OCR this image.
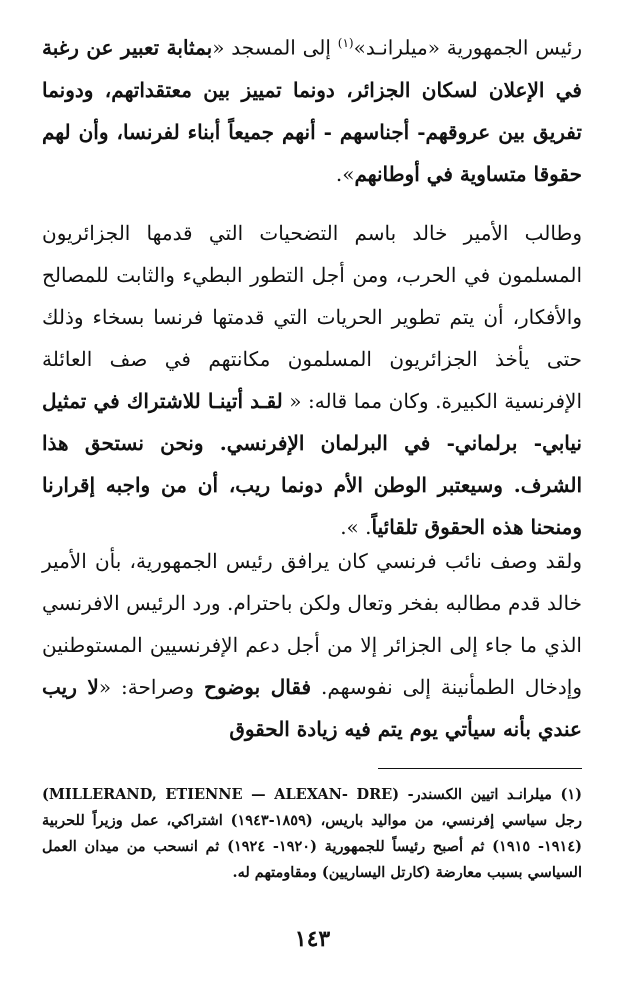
رئيس الجمهورية «ميلرانـد»$^{(١)}$ إلى المسجد «بمثابة تعبير عن رغبة في الإعلان لسكان الجزائر، دونما تمييز بين معتقداتهم، ودونما تفريق بين عروقهم- أجناسهم - أنهم جميعاً أبناء لفرنسا، وأن لهم حقوقا متساوية في أوطانهم».

وطالب الأمير خالد باسم التضحيات التي قدمها الجزائريون المسلمون في الحرب، ومن أجل التطور البطيء والثابت للمصالح والأفكار، أن يتم تطوير الحريات التي قدمتها فرنسا بسخاء وذلك حتى يأخذ الجزائريون المسلمون مكانتهم في صف العائلة الإفرنسية الكبيرة. وكان مما قاله: « لقـد أتينـا للاشتراك في تمثيل نيابي- برلماني- في البرلمان الإفرنسي. ونحن نستحق هذا الشرف. وسيعتبر الوطن الأم دونما ريب، أن من واجبه إقرارنا ومنحنا هذه الحقوق تلقائياً. ».

ولقد وصف نائب فرنسي كان يرافق رئيس الجمهورية، بأن الأمير خالد قدم مطالبه بفخر وتعال ولكن باحترام. ورد الرئيس الافرنسي الذي ما جاء إلى الجزائر إلا من أجل دعم الإفرنسيين المستوطنين وإدخال الطمأنينة إلى نفوسهم. فقال بوضوح وصراحة: «لا ريب عندي بأنه سيأتي يوم يتم فيه زيادة الحقوق

(١) ميلرانـد اتيين الكسندر- (MILLERAND, ETIENNE — ALEXAN- DRE) رجل سياسي إفرنسي، من مواليد باريس، (١٨٥٩-١٩٤٣) اشتراكي، عمل وزيراً للحربية (١٩١٤- ١٩١٥) ثم أصبح رئيساً للجمهورية (١٩٢٠- ١٩٢٤) ثم انسحب من ميدان العمل السياسي بسبب معارضة (كارتل اليساريين) ومقاومتهم له.

١٤٣
